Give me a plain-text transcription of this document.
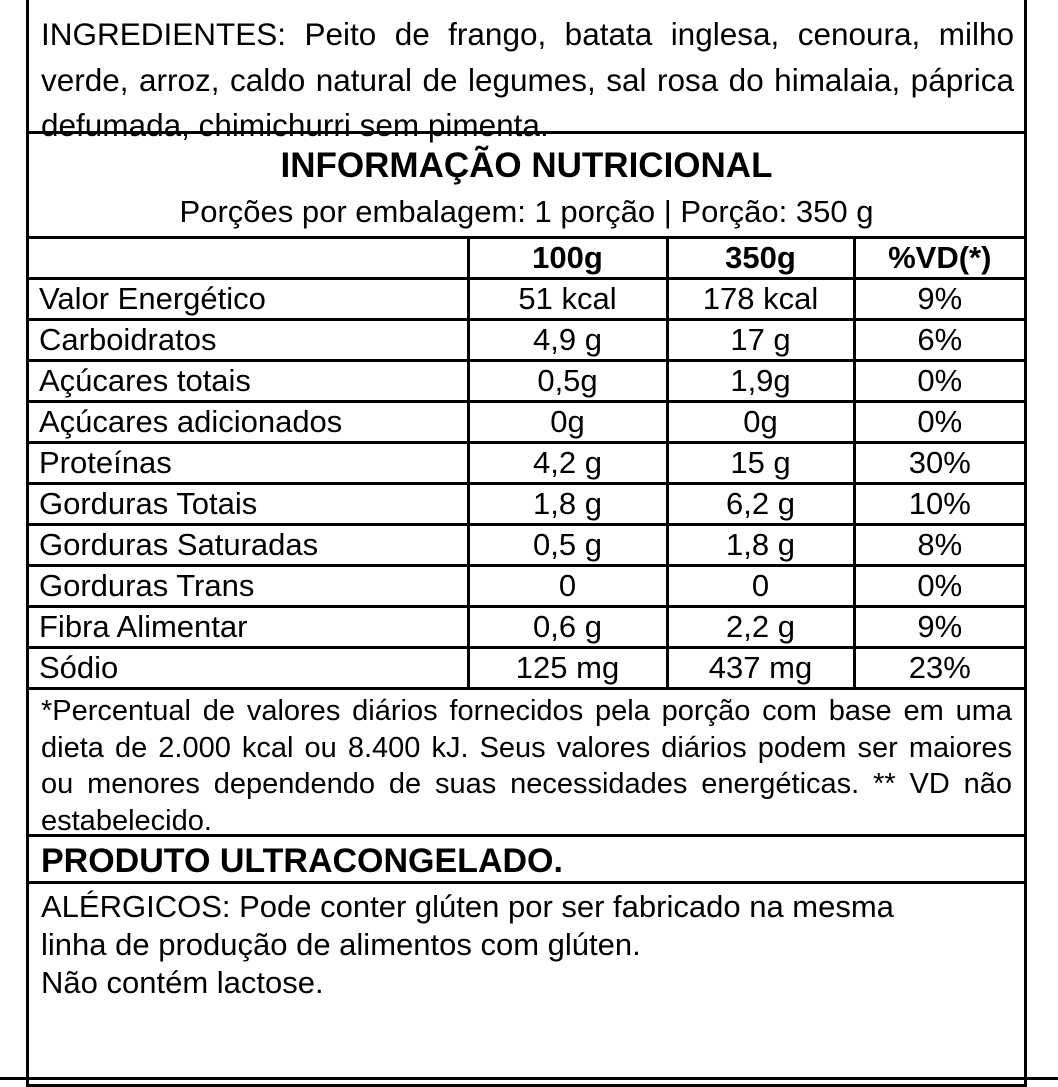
INGREDIENTES: Peito de frango, batata inglesa, cenoura, milho verde, arroz, caldo natural de legumes, sal rosa do himalaia, páprica defumada, chimichurri sem pimenta.
INFORMAÇÃO NUTRICIONAL
Porções por embalagem: 1 porção | Porção: 350 g
	100g	350g	%VD(*)
Valor Energético	51 kcal	178 kcal	9%
Carboidratos	4,9 g	17 g	6%
Açúcares totais	0,5g	1,9g	0%
Açúcares adicionados	0g	0g	0%
Proteínas	4,2 g	15 g	30%
Gorduras Totais	1,8 g	6,2 g	10%
Gorduras Saturadas	0,5 g	1,8 g	8%
Gorduras Trans	0	0	0%
Fibra Alimentar	0,6 g	2,2 g	9%
Sódio	125 mg	437 mg	23%
*Percentual de valores diários fornecidos pela porção com base em uma dieta de 2.000 kcal ou 8.400 kJ. Seus valores diários podem ser maiores ou menores dependendo de suas necessidades energéticas. ** VD não estabelecido.
PRODUTO ULTRACONGELADO.
ALÉRGICOS: Pode conter glúten por ser fabricado na mesma
linha de produção de alimentos com glúten.
Não contém lactose.
